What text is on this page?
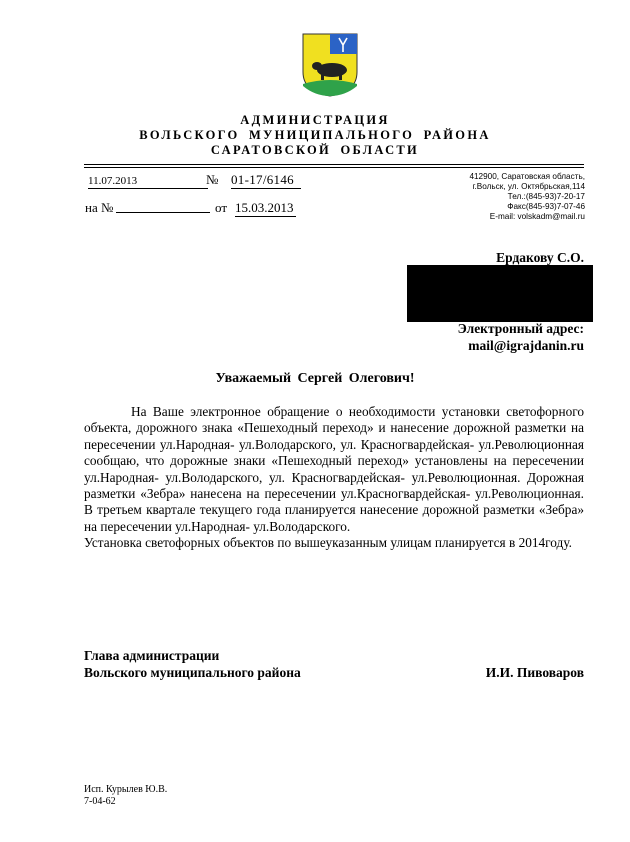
АДМИНИСТРАЦИЯ
ВОЛЬСКОГО МУНИЦИПАЛЬНОГО РАЙОНА
САРАТОВСКОЙ ОБЛАСТИ
11.07.2013	№ 01-17/6146
на №	от 15.03.2013
412900, Саратовская область,
г.Вольск, ул. Октябрьская,114
Тел.:(845-93)7-20-17
Факс(845-93)7-07-46
E-mail: volskadm@mail.ru
Ердакову С.О.
Электронный адрес:
mail@igrajdanin.ru
Уважаемый Сергей Олегович!

На Ваше электронное обращение о необходимости установки светофорного объекта, дорожного знака «Пешеходный переход» и нанесение дорожной разметки на пересечении ул.Народная- ул.Володарского, ул. Красногвардейская- ул.Революционная сообщаю, что дорожные знаки «Пешеходный переход» установлены на пересечении ул.Народная- ул.Володарского, ул. Красногвардейская- ул.Революционная. Дорожная разметки «Зебра» нанесена на пересечении ул.Красногвардейская- ул.Революционная. В третьем квартале текущего года планируется нанесение дорожной разметки «Зебра» на пересечении ул.Народная- ул.Володарского.

Установка светофорных объектов по вышеуказанным улицам планируется в 2014году.

Глава администрации
Вольского муниципального района	И.И. Пивоваров
Исп. Курылев Ю.В.
7-04-62
